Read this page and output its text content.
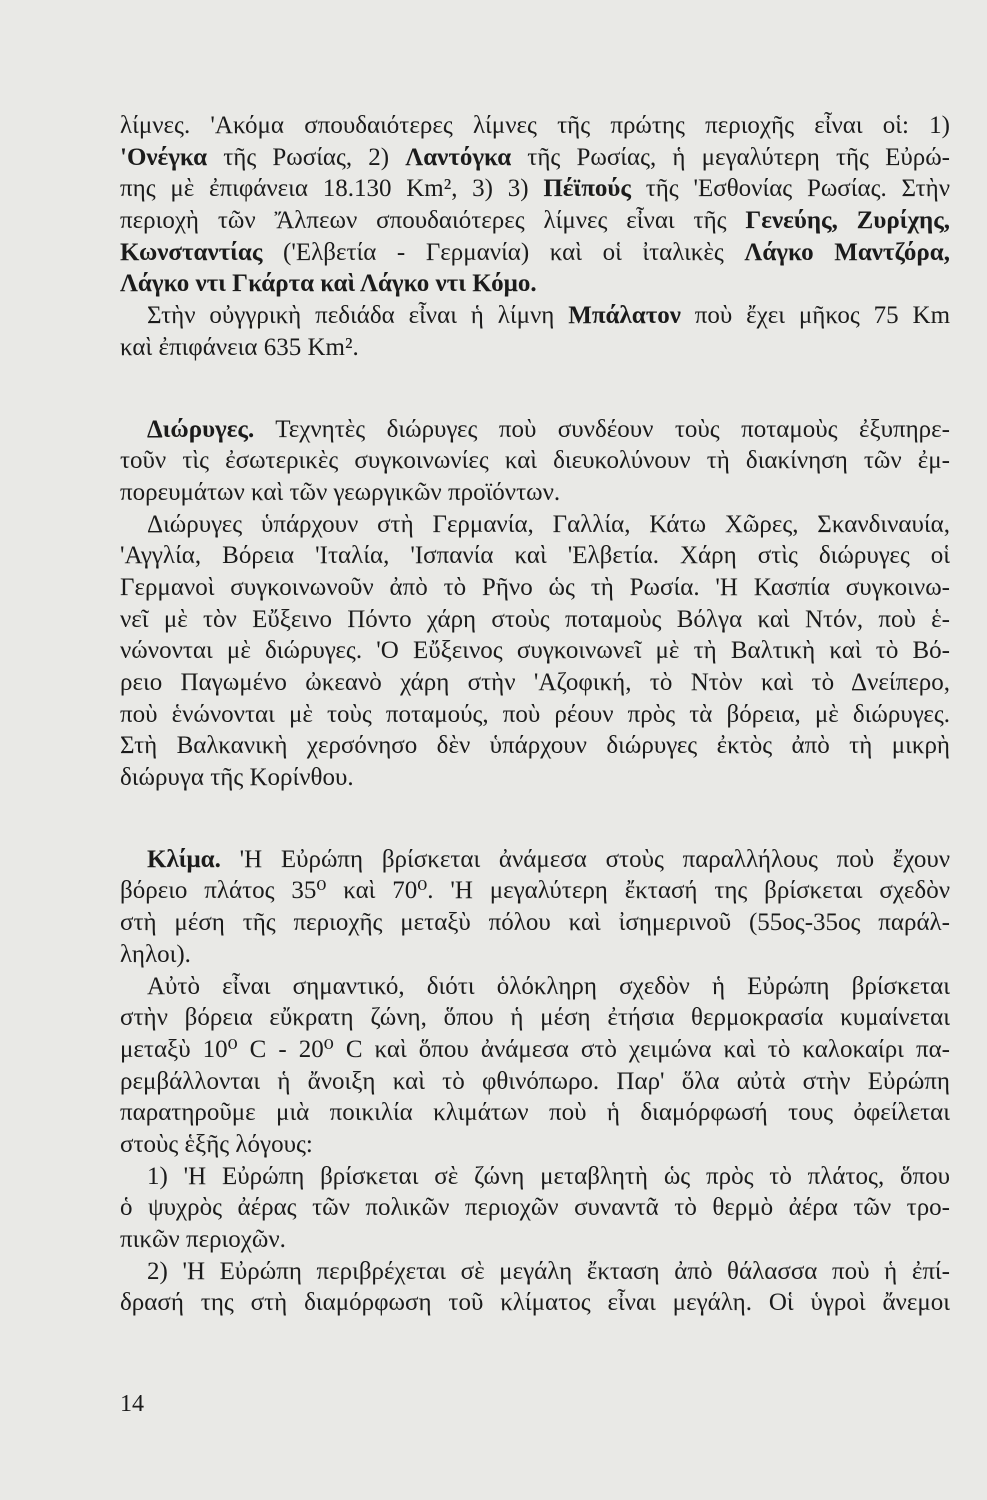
λίμνες. 'Ακόμα σπουδαιότερες λίμνες τῆς πρώτης περιοχῆς εἶναι οἱ: 1)
'Ονέγκα τῆς Ρωσίας, 2) Λαντόγκα τῆς Ρωσίας, ἡ μεγαλύτερη τῆς Εὐρώ-
πης μὲ ἐπιφάνεια 18.130 Km², 3) 3) Πέϊπούς τῆς 'Εσθονίας Ρωσίας. Στὴν
περιοχὴ τῶν Ἄλπεων σπουδαιότερες λίμνες εἶναι τῆς Γενεύης, Ζυρίχης,
Κωνσταντίας ('Ελβετία - Γερμανία) καὶ οἱ ἰταλικὲς Λάγκο Μαντζόρα,
Λάγκο ντι Γκάρτα καὶ Λάγκο ντι Κόμο.
Στὴν οὐγγρικὴ πεδιάδα εἶναι ἡ λίμνη Μπάλατον ποὺ ἔχει μῆκος 75 Km
καὶ ἐπιφάνεια 635 Km².
Διώρυγες. Τεχνητὲς διώρυγες ποὺ συνδέουν τοὺς ποταμοὺς ἐξυπηρε-
τοῦν τὶς ἐσωτερικὲς συγκοινωνίες καὶ διευκολύνουν τὴ διακίνηση τῶν ἐμ-
πορευμάτων καὶ τῶν γεωργικῶν προϊόντων.
Διώρυγες ὑπάρχουν στὴ Γερμανία, Γαλλία, Κάτω Χῶρες, Σκανδιναυία,
'Αγγλία, Βόρεια 'Ιταλία, 'Ισπανία καὶ 'Ελβετία. Χάρη στὶς διώρυγες οἱ
Γερμανοὶ συγκοινωνοῦν ἀπὸ τὸ Ρῆνο ὡς τὴ Ρωσία. 'Η Κασπία συγκοινω-
νεῖ μὲ τὸν Εὔξεινο Πόντο χάρη στοὺς ποταμοὺς Βόλγα καὶ Ντόν, ποὺ ἑ-
νώνονται μὲ διώρυγες. 'Ο Εὔξεινος συγκοινωνεῖ μὲ τὴ Βαλτικὴ καὶ τὸ Βό-
ρειο Παγωμένο ὠκεανὸ χάρη στὴν 'Αζοφική, τὸ Ντὸν καὶ τὸ Δνείπερο,
ποὺ ἑνώνονται μὲ τοὺς ποταμούς, ποὺ ρέουν πρὸς τὰ βόρεια, μὲ διώρυγες.
Στὴ Βαλκανικὴ χερσόνησο δὲν ὑπάρχουν διώρυγες ἐκτὸς ἀπὸ τὴ μικρὴ
διώρυγα τῆς Κορίνθου.
Κλίμα. 'Η Εὐρώπη βρίσκεται ἀνάμεσα στοὺς παραλλήλους ποὺ ἔχουν
βόρειο πλάτος 35⁰ καὶ 70⁰. 'Η μεγαλύτερη ἔκτασή της βρίσκεται σχεδὸν
στὴ μέση τῆς περιοχῆς μεταξὺ πόλου καὶ ἰσημερινοῦ (55ος-35ος παράλ-
ληλοι).
Αὐτὸ εἶναι σημαντικό, διότι ὁλόκληρη σχεδὸν ἡ Εὐρώπη βρίσκεται
στὴν βόρεια εὔκρατη ζώνη, ὅπου ἡ μέση ἐτήσια θερμοκρασία κυμαίνεται
μεταξὺ 10⁰ C - 20⁰ C καὶ ὅπου ἀνάμεσα στὸ χειμώνα καὶ τὸ καλοκαίρι πα-
ρεμβάλλονται ἡ ἄνοιξη καὶ τὸ φθινόπωρο. Παρ' ὅλα αὐτὰ στὴν Εὐρώπη
παρατηροῦμε μιὰ ποικιλία κλιμάτων ποὺ ἡ διαμόρφωσή τους ὀφείλεται
στοὺς ἑξῆς λόγους:
1) 'Η Εὐρώπη βρίσκεται σὲ ζώνη μεταβλητὴ ὡς πρὸς τὸ πλάτος, ὅπου
ὁ ψυχρὸς ἀέρας τῶν πολικῶν περιοχῶν συναντᾶ τὸ θερμὸ ἀέρα τῶν τρο-
πικῶν περιοχῶν.
2) 'Η Εὐρώπη περιβρέχεται σὲ μεγάλη ἔκταση ἀπὸ θάλασσα ποὺ ἡ ἐπί-
δρασή της στὴ διαμόρφωση τοῦ κλίματος εἶναι μεγάλη. Οἱ ὑγροὶ ἄνεμοι
14
